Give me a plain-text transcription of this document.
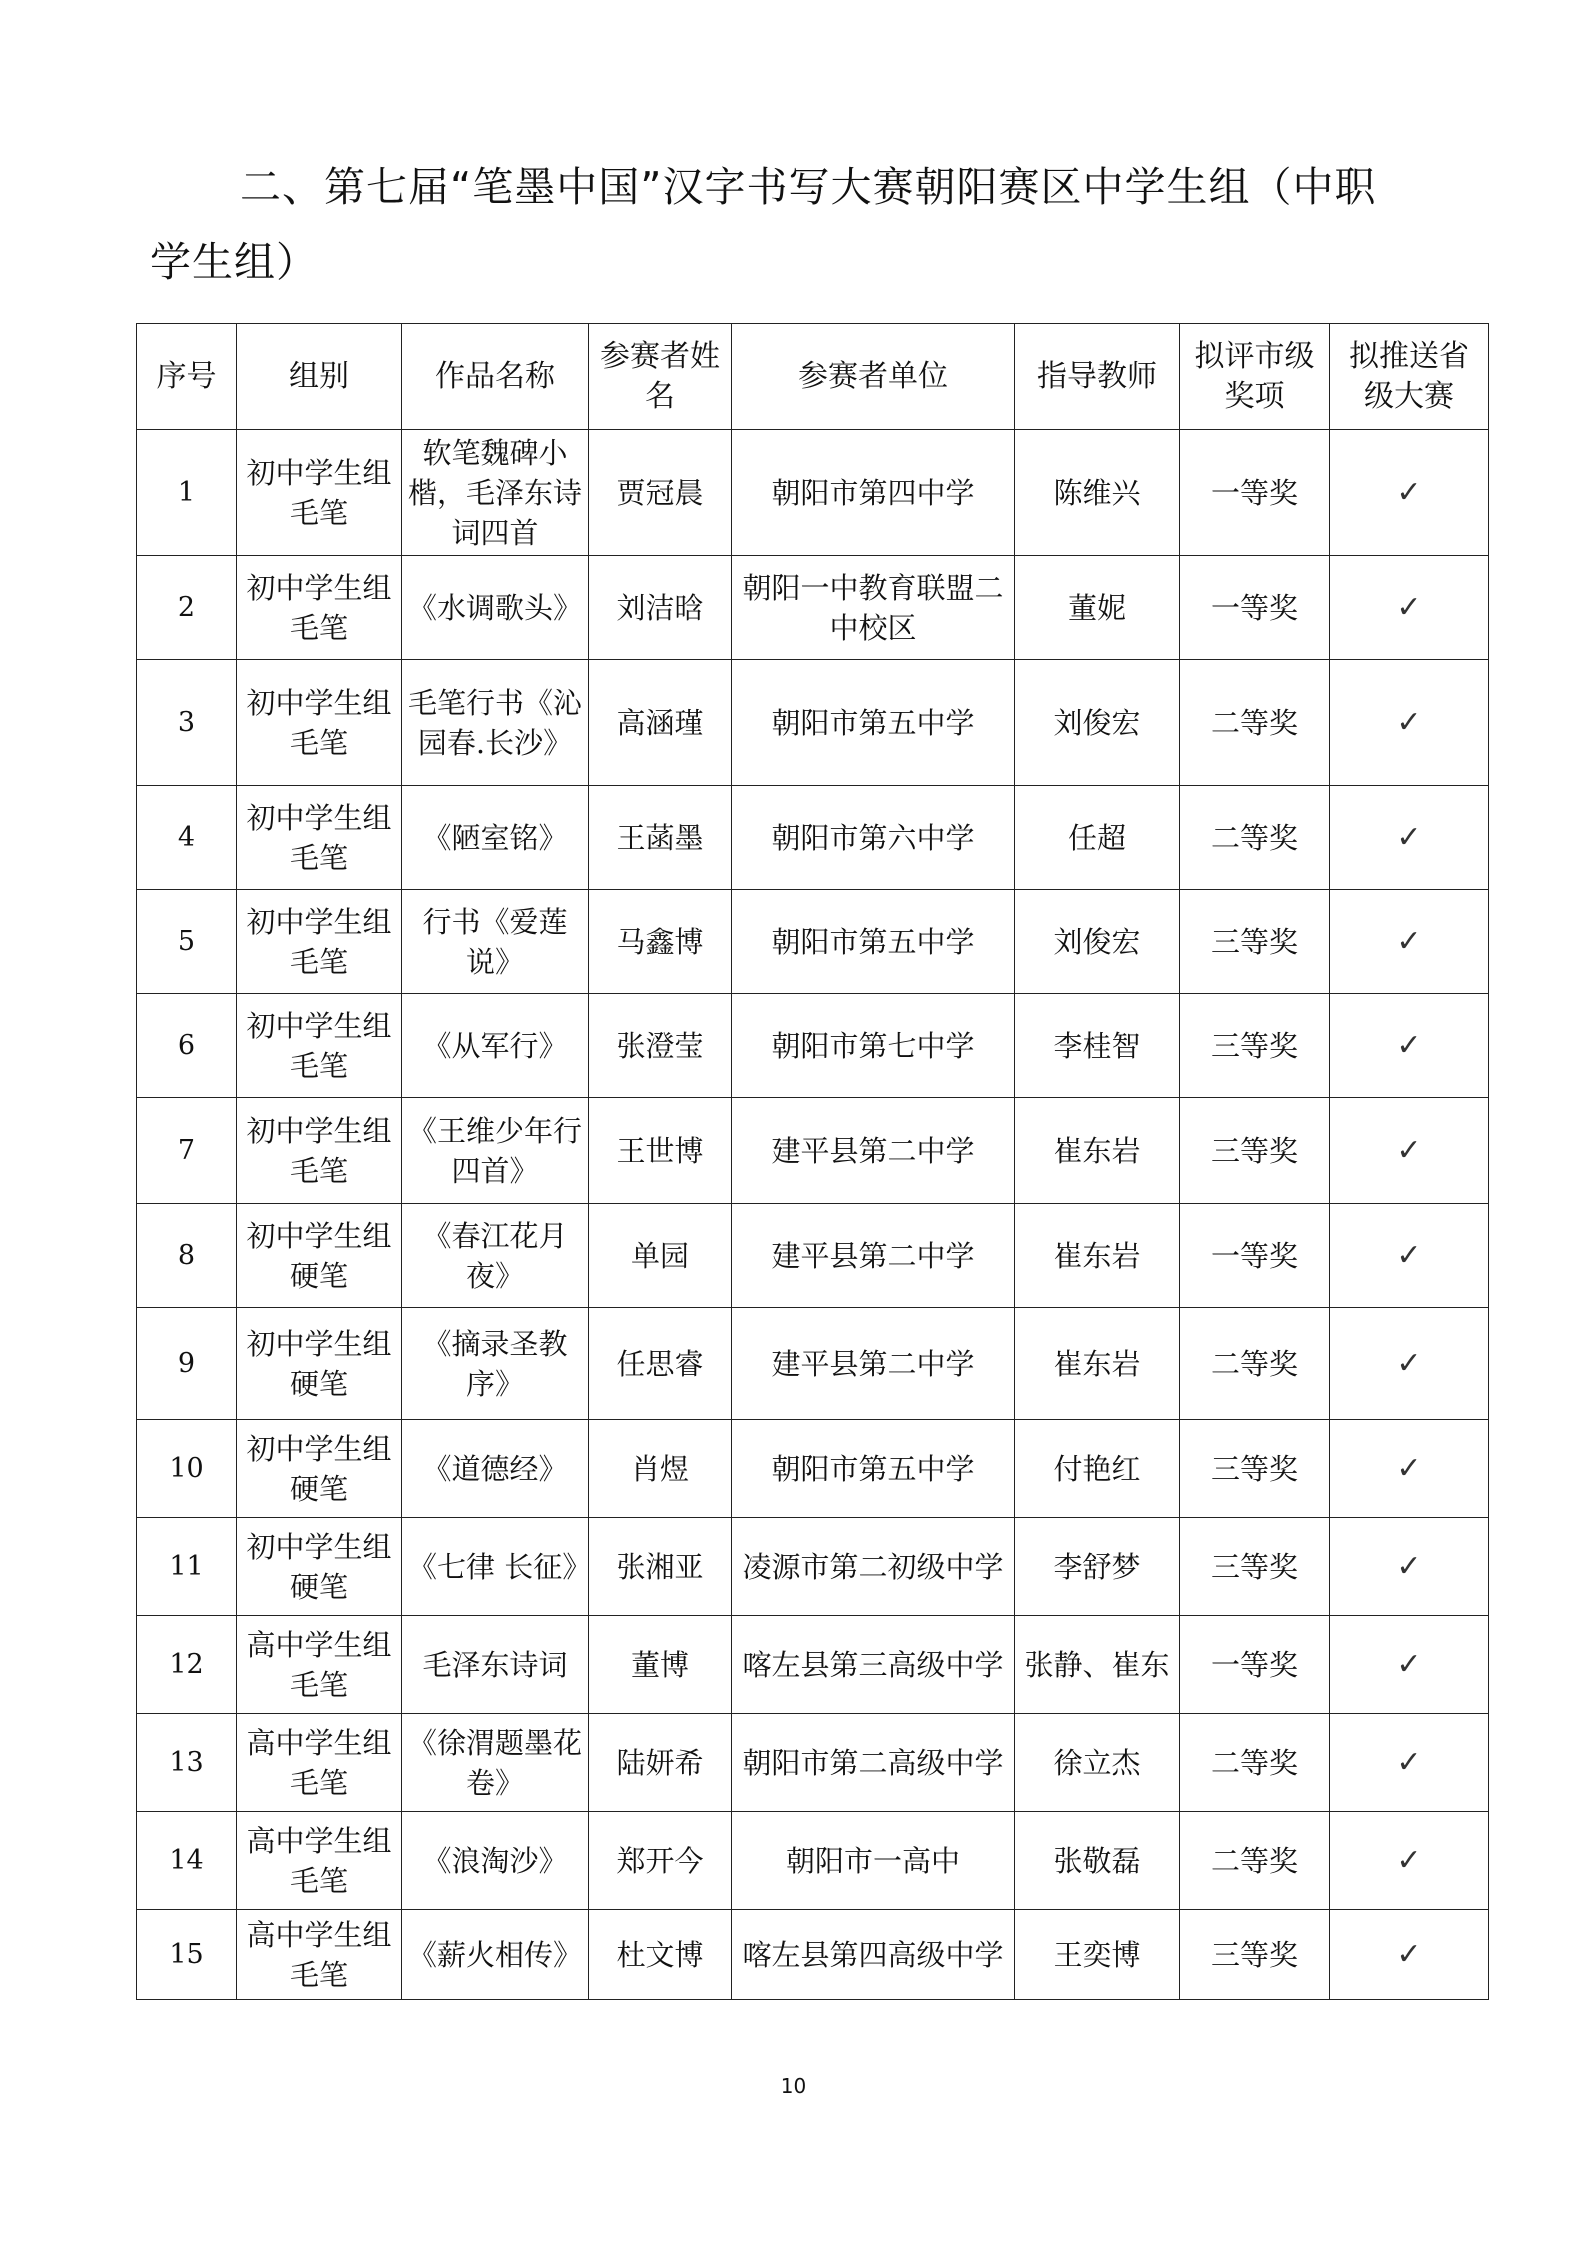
二、第七届“笔墨中国”汉字书写大赛朝阳赛区中学生组（中职
学生组）
序号	组别	作品名称	参赛者姓名	参赛者单位	指导教师	拟评市级奖项	拟推送省级大赛
1	初中学生组毛笔	软笔魏碑小楷，毛泽东诗词四首	贾冠晨	朝阳市第四中学	陈维兴	一等奖	✓
2	初中学生组毛笔	《水调歌头》	刘洁晗	朝阳一中教育联盟二中校区	董妮	一等奖	✓
3	初中学生组毛笔	毛笔行书《沁园春.长沙》	高涵瑾	朝阳市第五中学	刘俊宏	二等奖	✓
4	初中学生组毛笔	《陋室铭》	王菡墨	朝阳市第六中学	任超	二等奖	✓
5	初中学生组毛笔	行书《爱莲说》	马鑫博	朝阳市第五中学	刘俊宏	三等奖	✓
6	初中学生组毛笔	《从军行》	张澄莹	朝阳市第七中学	李桂智	三等奖	✓
7	初中学生组毛笔	《王维少年行四首》	王世博	建平县第二中学	崔东岩	三等奖	✓
8	初中学生组硬笔	《春江花月夜》	单园	建平县第二中学	崔东岩	一等奖	✓
9	初中学生组硬笔	《摘录圣教序》	任思睿	建平县第二中学	崔东岩	二等奖	✓
10	初中学生组硬笔	《道德经》	肖煜	朝阳市第五中学	付艳红	三等奖	✓
11	初中学生组硬笔	《七律 长征》	张湘亚	凌源市第二初级中学	李舒梦	三等奖	✓
12	高中学生组毛笔	毛泽东诗词	董博	喀左县第三高级中学	张静、崔东	一等奖	✓
13	高中学生组毛笔	《徐渭题墨花卷》	陆妍希	朝阳市第二高级中学	徐立杰	二等奖	✓
14	高中学生组毛笔	《浪淘沙》	郑开今	朝阳市一高中	张敬磊	二等奖	✓
15	高中学生组毛笔	《薪火相传》	杜文博	喀左县第四高级中学	王奕博	三等奖	✓
10
